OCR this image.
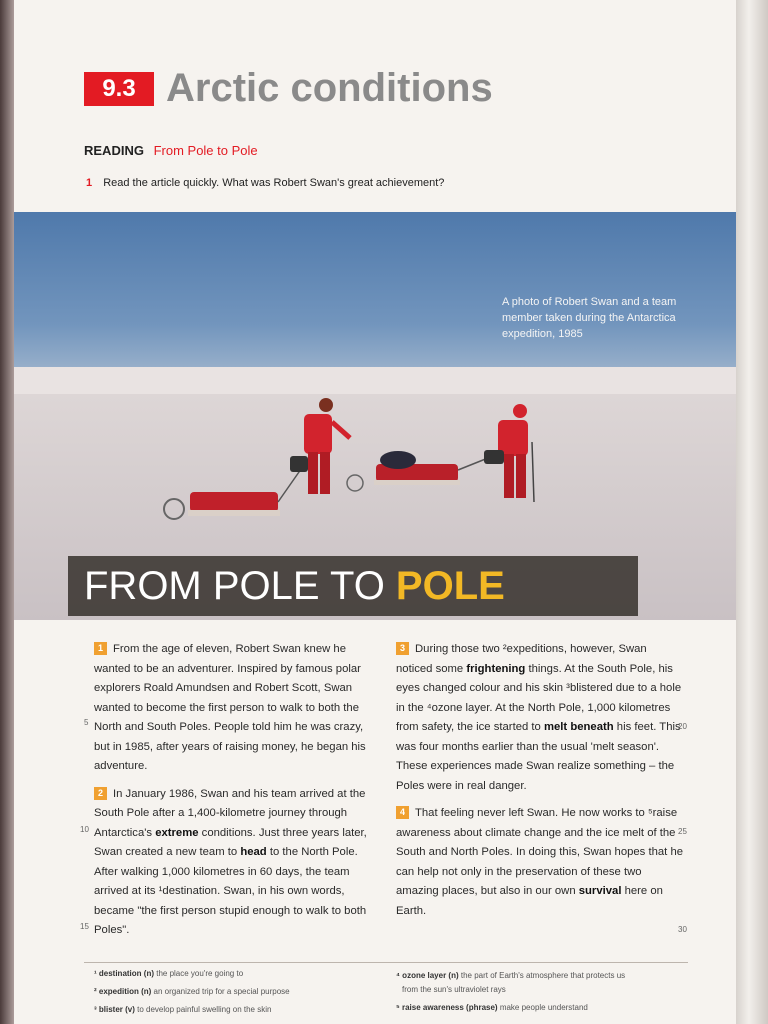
9.3 Arctic conditions
READING From Pole to Pole
1 Read the article quickly. What was Robert Swan's great achievement?
A photo of Robert Swan and a team member taken during the Antarctica expedition, 1985
FROM POLE TO POLE

1 From the age of eleven, Robert Swan knew he wanted to be an adventurer. Inspired by famous polar explorers Roald Amundsen and Robert Scott, Swan wanted to become the first person to walk to both the North and South Poles. People told him he was crazy, but in 1985, after years of raising money, he began his adventure.

2 In January 1986, Swan and his team arrived at the South Pole after a 1,400-kilometre journey through Antarctica's extreme conditions. Just three years later, Swan created a new team to head to the North Pole. After walking 1,000 kilometres in 60 days, the team arrived at its ¹destination. Swan, in his own words, became "the first person stupid enough to walk to both Poles".

3 During those two ²expeditions, however, Swan noticed some frightening things. At the South Pole, his eyes changed colour and his skin ³blistered due to a hole in the ⁴ozone layer. At the North Pole, 1,000 kilometres from safety, the ice started to melt beneath his feet. This was four months earlier than the usual 'melt season'. These experiences made Swan realize something – the Poles were in real danger.

4 That feeling never left Swan. He now works to ⁵raise awareness about climate change and the ice melt of the South and North Poles. In doing this, Swan hopes that he can help not only in the preservation of these two amazing places, but also in our own survival here on Earth.

5
10
15
20
25
30
¹ destination (n) the place you're going to
² expedition (n) an organized trip for a special purpose
³ blister (v) to develop painful swelling on the skin
⁴ ozone layer (n) the part of Earth's atmosphere that protects us
from the sun's ultraviolet rays
⁵ raise awareness (phrase) make people understand
